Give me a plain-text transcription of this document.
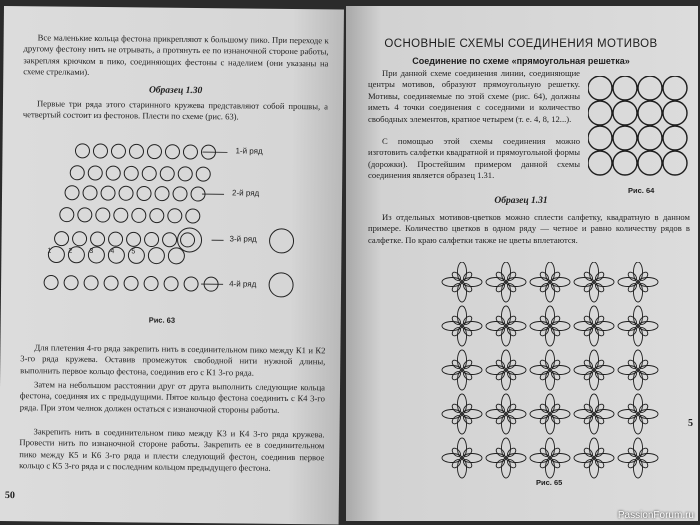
Все маленькие кольца фестона прикрепляют к большому пико. При переходе к другому фестону нить не отрывать, а протянуть ее по изнаночной стороне работы, закрепляя крючком в пико, соединяющих фестоны с наделием (они указаны на схеме стрелками).
Образец 1.30
Первые три ряда этого старинного кружева представляют собой прошвы, а четвертый состоит из фестонов. Плести по схеме (рис. 63).
1-й ряд
2-й ряд
3-й ряд
4-й ряд
1 2 3 4 5
Рис. 63
Для плетения 4-го ряда закрепить нить в соединительном пико между К1 и К2 3-го ряда кружева. Оставив промежуток свободной нити нужной длины, выполнить первое кольцо фестона, соединив его с К1 3-го ряда.
Затем на небольшом расстоянии друг от друга выполнить следующие кольца фестона, соединяя их с предыдущими. Пятое кольцо фестона соединить с К4 3-го ряда. При этом челнок должен остаться с изнаночной стороны работы.
Закрепить нить в соединительном пико между К3 и К4 3-го ряда кружева. Провести нить по изнаночной стороне работы. Закрепить ее в соединительном пико между К5 и К6 3-го ряда и плести следующий фестон, соединив первое кольцо с К5 3-го ряда и с последним кольцом предыдущего фестона.
50
ОСНОВНЫЕ СХЕМЫ СОЕДИНЕНИЯ МОТИВОВ
Соединение по схеме «прямоугольная решетка»
При данной схеме соединения линии, соединяющие центры мотивов, образуют прямоугольную решетку. Мотивы, соединяемые по этой схеме (рис. 64), должны иметь 4 точки соединения с соседними и количество свободных элементов, кратное четырем (т. е. 4, 8, 12...).
С помощью этой схемы соединения можно изготовить салфетки квадратной и прямоугольной формы (дорожки). Простейшим примером данной схемы соединения является образец 1.31.
Рис. 64
Образец 1.31
Из отдельных мотивов-цветков можно сплести салфетку, квадратную в данном примере. Количество цветков в одном ряду — четное и равно количеству рядов в салфетке. По краю салфетки также не цветы вплетаются.
Рис. 65
5
PassionForum.ru
